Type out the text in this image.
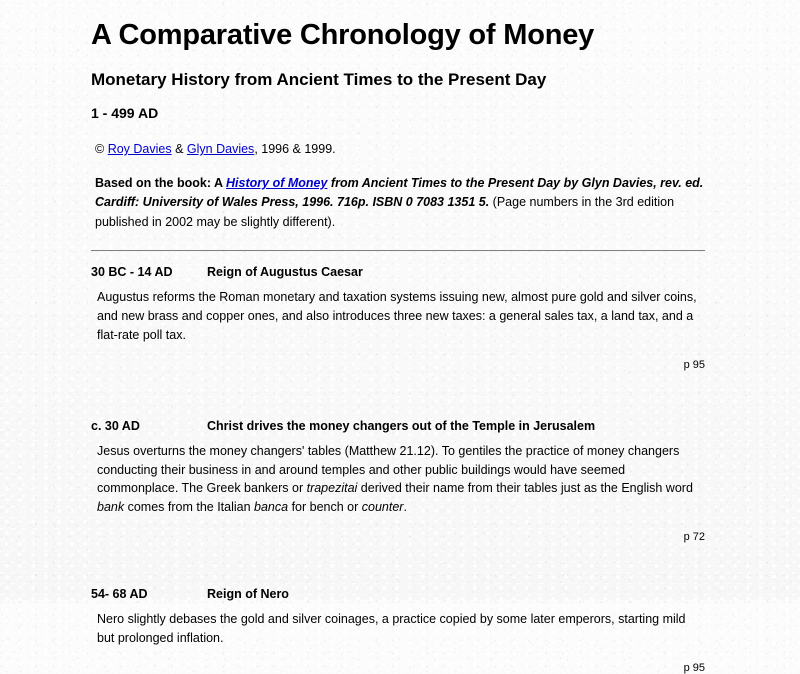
A Comparative Chronology of Money
Monetary History from Ancient Times to the Present Day
1 - 499 AD

© Roy Davies & Glyn Davies, 1996 & 1999.

Based on the book: A History of Money from Ancient Times to the Present Day by Glyn Davies, rev. ed. Cardiff: University of Wales Press, 1996. 716p. ISBN 0 7083 1351 5. (Page numbers in the 3rd edition published in 2002 may be slightly different).

30 BC - 14 AD	Reign of Augustus Caesar

Augustus reforms the Roman monetary and taxation systems issuing new, almost pure gold and silver coins, and new brass and copper ones, and also introduces three new taxes: a general sales tax, a land tax, and a flat-rate poll tax.

p 95

c. 30 AD	Christ drives the money changers out of the Temple in Jerusalem

Jesus overturns the money changers' tables (Matthew 21.12). To gentiles the practice of money changers conducting their business in and around temples and other public buildings would have seemed commonplace. The Greek bankers or trapezitai derived their name from their tables just as the English word bank comes from the Italian banca for bench or counter.

p 72

54- 68 AD	Reign of Nero

Nero slightly debases the gold and silver coinages, a practice copied by some later emperors, starting mild but prolonged inflation.

p 95
